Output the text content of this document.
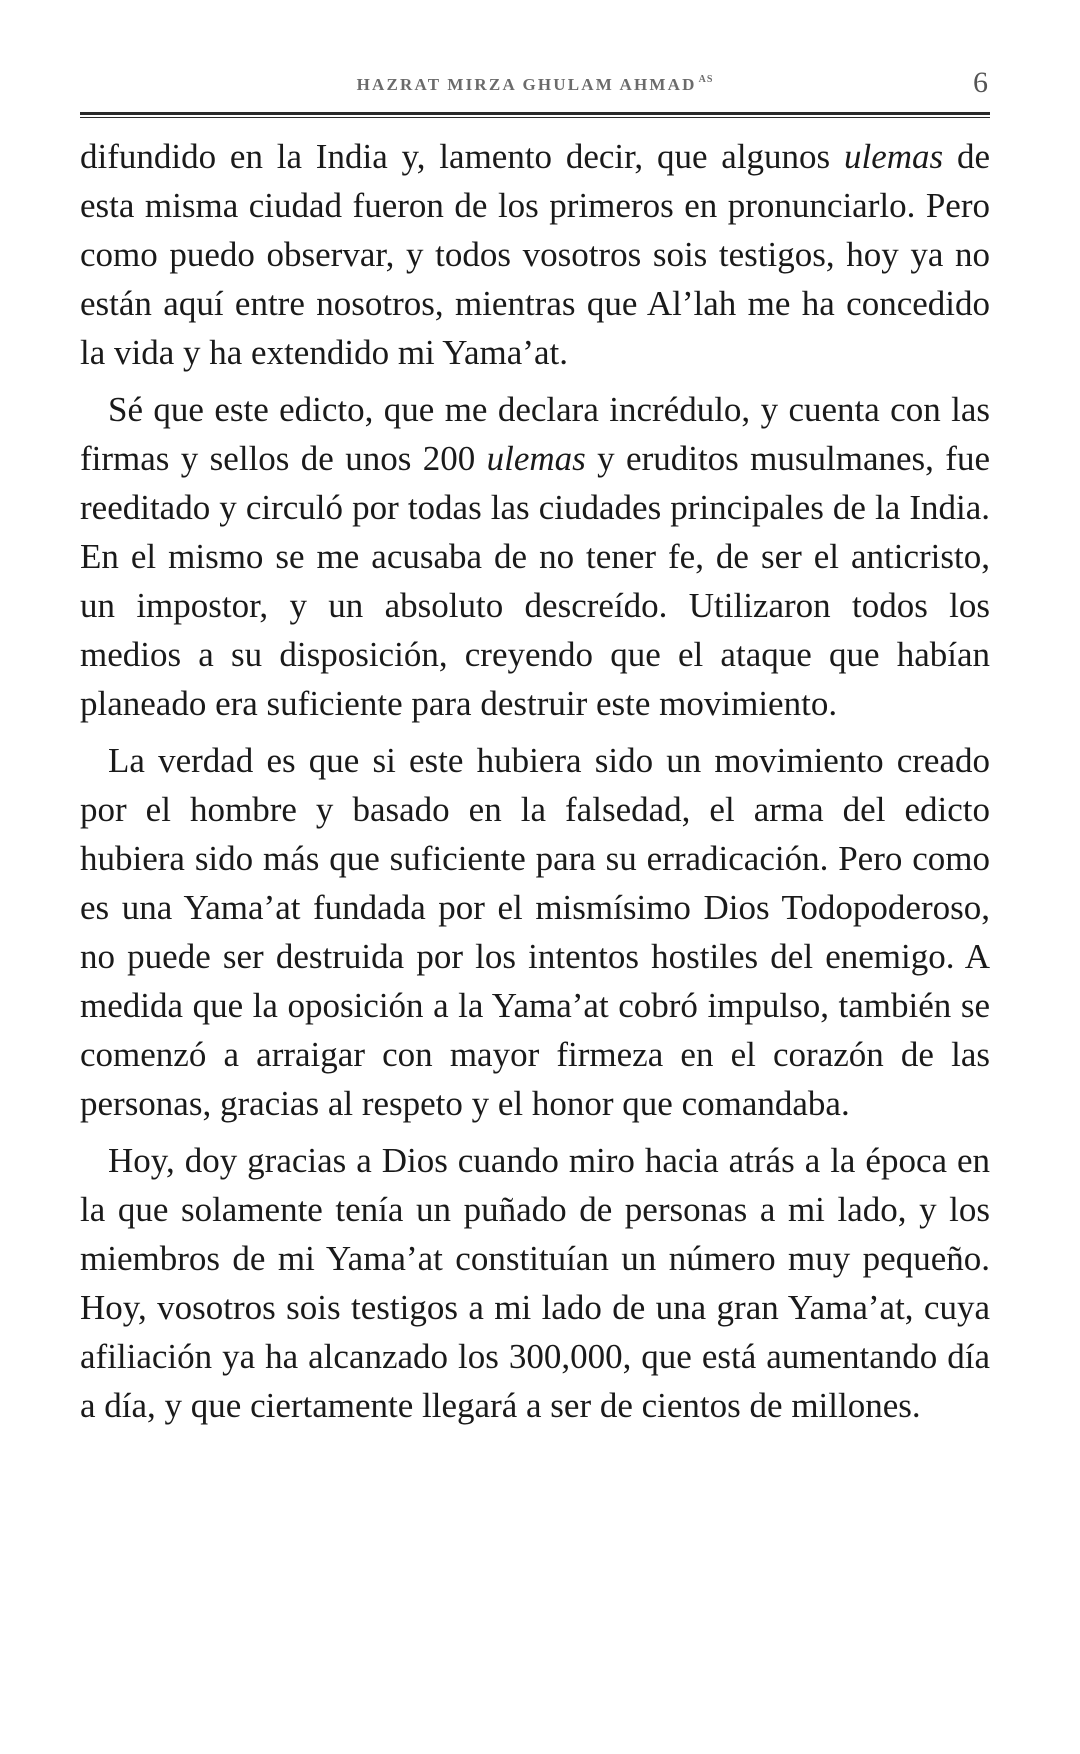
HAZRAT MIRZA GHULAM AHMAD $^{AS}$	6

difundido en la India y, lamento decir, que algunos ulemas de esta misma ciudad fueron de los primeros en pronunciarlo. Pero como puedo observar, y todos vosotros sois testigos, hoy ya no están aquí entre nosotros, mientras que Al’lah me ha concedido la vida y ha extendido mi Yama’at.

Sé que este edicto, que me declara incrédulo, y cuenta con las firmas y sellos de unos 200 ulemas y eruditos musulmanes, fue reeditado y circuló por todas las ciudades principales de la India. En el mismo se me acusaba de no tener fe, de ser el anticristo, un impostor, y un absoluto descreído. Utilizaron todos los medios a su disposición, creyendo que el ataque que habían planeado era suficiente para destruir este movimiento.

La verdad es que si este hubiera sido un movimiento creado por el hombre y basado en la falsedad, el arma del edicto hubiera sido más que suficiente para su erradicación. Pero como es una Yama’at fundada por el mismísimo Dios Todopoderoso, no puede ser destruida por los intentos hostiles del enemigo. A medida que la oposición a la Yama’at cobró impulso, también se comenzó a arraigar con mayor firmeza en el corazón de las personas, gracias al respeto y el honor que comandaba.

Hoy, doy gracias a Dios cuando miro hacia atrás a la época en la que solamente tenía un puñado de personas a mi lado, y los miembros de mi Yama’at constituían un número muy pequeño. Hoy, vosotros sois testigos a mi lado de una gran Yama’at, cuya afiliación ya ha alcanzado los 300,000, que está aumentando día a día, y que ciertamente llegará a ser de cientos de millones.
